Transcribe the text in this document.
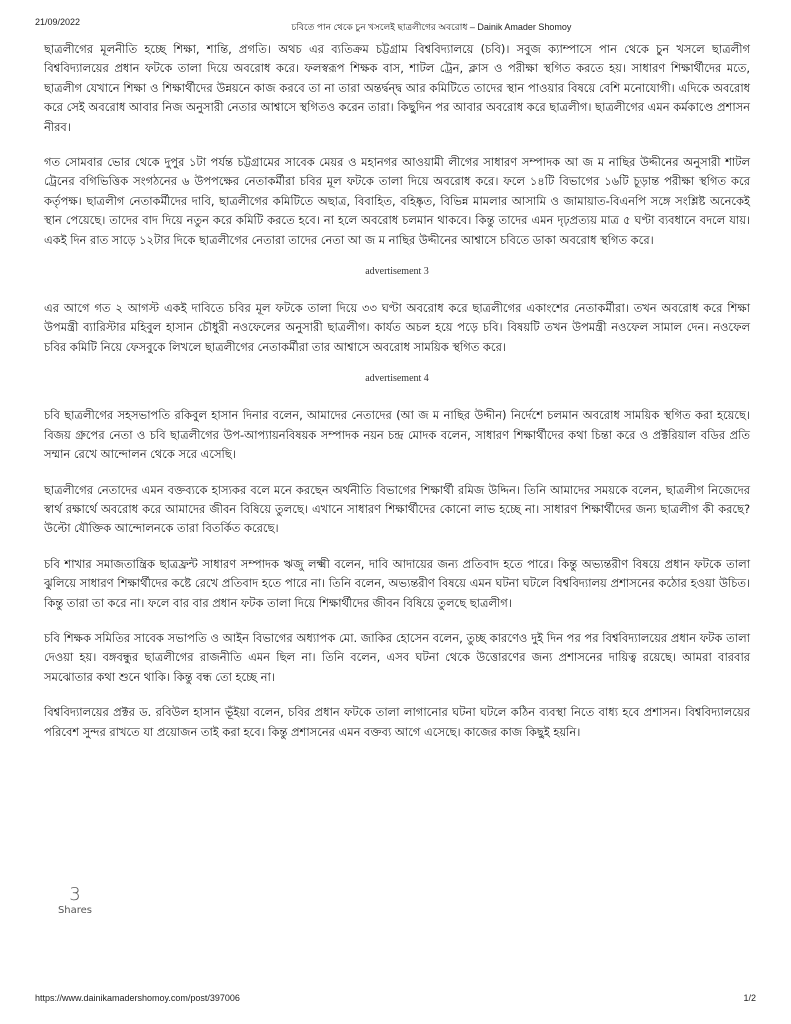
21/09/2022	চবিতে পান থেকে চুন খসলেই ছাত্রলীগের অবরোধ – Dainik Amader Shomoy

ছাত্রলীগের মূলনীতি হচ্ছে শিক্ষা, শান্তি, প্রগতি। অথচ এর ব্যতিক্রম চট্টগ্রাম বিশ্ববিদ্যালয়ে (চবি)। সবুজ ক্যাম্পাসে পান থেকে চুন খসলে ছাত্রলীগ বিশ্ববিদ্যালয়ের প্রধান ফটকে তালা দিয়ে অবরোধ করে। ফলস্বরূপ শিক্ষক বাস, শাটল ট্রেন, ক্লাস ও পরীক্ষা স্থগিত করতে হয়। সাধারণ শিক্ষার্থীদের মতে, ছাত্রলীগ যেখানে শিক্ষা ও শিক্ষার্থীদের উন্নয়নে কাজ করবে তা না তারা অন্তর্দ্বন্দ্ব আর কমিটিতে তাদের স্থান পাওয়ার বিষয়ে বেশি মনোযোগী। এদিকে অবরোধ করে সেই অবরোধ আবার নিজ অনুসারী নেতার আশ্বাসে স্থগিতও করেন তারা। কিছুদিন পর আবার অবরোধ করে ছাত্রলীগ। ছাত্রলীগের এমন কর্মকাণ্ডে প্রশাসন নীরব।

গত সোমবার ভোর থেকে দুপুর ১টা পর্যন্ত চট্টগ্রামের সাবেক মেয়র ও মহানগর আওয়ামী লীগের সাধারণ সম্পাদক আ জ ম নাছির উদ্দীনের অনুসারী শাটল ট্রেনের বগিভিত্তিক সংগঠনের ৬ উপপক্ষের নেতাকর্মীরা চবির মূল ফটকে তালা দিয়ে অবরোধ করে। ফলে ১৪টি বিভাগের ১৬টি চূড়ান্ত পরীক্ষা স্থগিত করে কর্তৃপক্ষ। ছাত্রলীগ নেতাকর্মীদের দাবি, ছাত্রলীগের কমিটিতে অছাত্র, বিবাহিত, বহিষ্কৃত, বিভিন্ন মামলার আসামি ও জামায়াত-বিএনপি সঙ্গে সংশ্লিষ্ট অনেকেই স্থান পেয়েছে। তাদের বাদ দিয়ে নতুন করে কমিটি করতে হবে। না হলে অবরোধ চলমান থাকবে। কিন্তু তাদের এমন দৃঢ়প্রত্যয় মাত্র ৫ ঘণ্টা ব্যবধানে বদলে যায়। একই দিন রাত সাড়ে ১২টার দিকে ছাত্রলীগের নেতারা তাদের নেতা আ জ ম নাছির উদ্দীনের আশ্বাসে চবিতে ডাকা অবরোধ স্থগিত করে।

advertisement 3

এর আগে গত ২ আগস্ট একই দাবিতে চবির মূল ফটকে তালা দিয়ে ৩৩ ঘণ্টা অবরোধ করে ছাত্রলীগের একাংশের নেতাকর্মীরা। তখন অবরোধ করে শিক্ষা উপমন্ত্রী ব্যারিস্টার মহিবুল হাসান চৌধুরী নওফেলের অনুসারী ছাত্রলীগ। কার্যত অচল হয়ে পড়ে চবি। বিষয়টি তখন উপমন্ত্রী নওফেল সামাল দেন। নওফেল চবির কমিটি নিয়ে ফেসবুকে লিখলে ছাত্রলীগের নেতাকর্মীরা তার আশ্বাসে অবরোধ সাময়িক স্থগিত করে।

advertisement 4

চবি ছাত্রলীগের সহসভাপতি রকিবুল হাসান দিনার বলেন, আমাদের নেতাদের (আ জ ম নাছির উদ্দীন) নির্দেশে চলমান অবরোধ সাময়িক স্থগিত করা হয়েছে। বিজয় গ্রুপের নেতা ও চবি ছাত্রলীগের উপ-আপ্যায়নবিষয়ক সম্পাদক নয়ন চন্দ্র মোদক বলেন, সাধারণ শিক্ষার্থীদের কথা চিন্তা করে ও প্রক্টরিয়াল বডির প্রতি সম্মান রেখে আন্দোলন থেকে সরে এসেছি।

ছাত্রলীগের নেতাদের এমন বক্তব্যকে হাস্যকর বলে মনে করছেন অর্থনীতি বিভাগের শিক্ষার্থী রমিজ উদ্দিন। তিনি আমাদের সময়কে বলেন, ছাত্রলীগ নিজেদের স্বার্থ রক্ষার্থে অবরোধ করে আমাদের জীবন বিষিয়ে তুলছে। এখানে সাধারণ শিক্ষার্থীদের কোনো লাভ হচ্ছে না। সাধারণ শিক্ষার্থীদের জন্য ছাত্রলীগ কী করছে? উল্টো যৌক্তিক আন্দোলনকে তারা বিতর্কিত করেছে।

চবি শাখার সমাজতান্ত্রিক ছাত্রফ্রন্ট সাধারণ সম্পাদক ঋজু লক্ষ্মী বলেন, দাবি আদায়ের জন্য প্রতিবাদ হতে পারে। কিন্তু অভ্যন্তরীণ বিষয়ে প্রধান ফটকে তালা ঝুলিয়ে সাধারণ শিক্ষার্থীদের কষ্টে রেখে প্রতিবাদ হতে পারে না। তিনি বলেন, অভ্যন্তরীণ বিষয়ে এমন ঘটনা ঘটলে বিশ্ববিদ্যালয় প্রশাসনের কঠোর হওয়া উচিত। কিন্তু তারা তা করে না। ফলে বার বার প্রধান ফটক তালা দিয়ে শিক্ষার্থীদের জীবন বিষিয়ে তুলছে ছাত্রলীগ।

চবি শিক্ষক সমিতির সাবেক সভাপতি ও আইন বিভাগের অধ্যাপক মো. জাকির হোসেন বলেন, তুচ্ছ কারণেও দুই দিন পর পর বিশ্ববিদ্যালয়ের প্রধান ফটক তালা দেওয়া হয়। বঙ্গবন্ধুর ছাত্রলীগের রাজনীতি এমন ছিল না। তিনি বলেন, এসব ঘটনা থেকে উত্তোরণের জন্য প্রশাসনের দায়িত্ব রয়েছে। আমরা বারবার সমঝোতার কথা শুনে থাকি। কিন্তু বন্ধ তো হচ্ছে না।

বিশ্ববিদ্যালয়ের প্রক্টর ড. রবিউল হাসান ভূঁইয়া বলেন, চবির প্রধান ফটকে তালা লাগানোর ঘটনা ঘটলে কঠিন ব্যবস্থা নিতে বাধ্য হবে প্রশাসন। বিশ্ববিদ্যালয়ের পরিবেশ সুন্দর রাখতে যা প্রয়োজন তাই করা হবে। কিন্তু প্রশাসনের এমন বক্তব্য আগে এসেছে। কাজের কাজ কিছুই হয়নি।

3
Shares
https://www.dainikamadershomoy.com/post/397006	1/2
